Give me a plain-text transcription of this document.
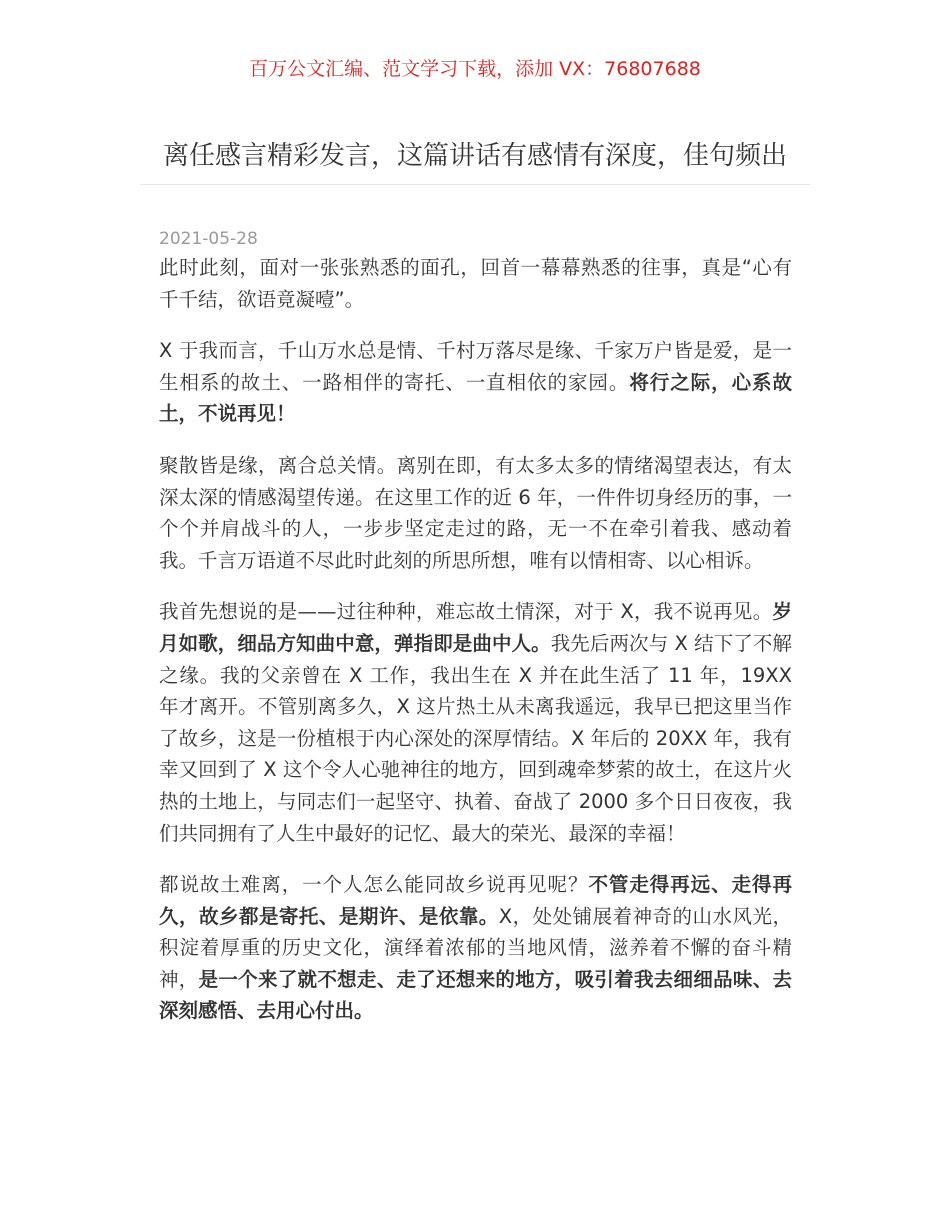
百万公文汇编、范文学习下载，添加 VX：76807688
离任感言精彩发言，这篇讲话有感情有深度，佳句频出
2021-05-28

此时此刻，面对一张张熟悉的面孔，回首一幕幕熟悉的往事，真是“心有千千结，欲语竟凝噎”。

X 于我而言，千山万水总是情、千村万落尽是缘、千家万户皆是爱，是一生相系的故土、一路相伴的寄托、一直相依的家园。将行之际，心系故土，不说再见！

聚散皆是缘，离合总关情。离别在即，有太多太多的情绪渴望表达，有太深太深的情感渴望传递。在这里工作的近 6 年，一件件切身经历的事，一个个并肩战斗的人，一步步坚定走过的路，无一不在牵引着我、感动着我。千言万语道不尽此时此刻的所思所想，唯有以情相寄、以心相诉。

我首先想说的是——过往种种，难忘故土情深，对于 X，我不说再见。岁月如歌，细品方知曲中意，弹指即是曲中人。我先后两次与 X 结下了不解之缘。我的父亲曾在 X 工作，我出生在 X 并在此生活了 11 年，19XX 年才离开。不管别离多久，X 这片热土从未离我遥远，我早已把这里当作了故乡，这是一份植根于内心深处的深厚情结。X 年后的 20XX 年，我有幸又回到了 X 这个令人心驰神往的地方，回到魂牵梦萦的故土，在这片火热的土地上，与同志们一起坚守、执着、奋战了 2000 多个日日夜夜，我们共同拥有了人生中最好的记忆、最大的荣光、最深的幸福！

都说故土难离，一个人怎么能同故乡说再见呢？不管走得再远、走得再久，故乡都是寄托、是期许、是依靠。X，处处铺展着神奇的山水风光，积淀着厚重的历史文化，演绎着浓郁的当地风情，滋养着不懈的奋斗精神，是一个来了就不想走、走了还想来的地方，吸引着我去细细品味、去深刻感悟、去用心付出。
